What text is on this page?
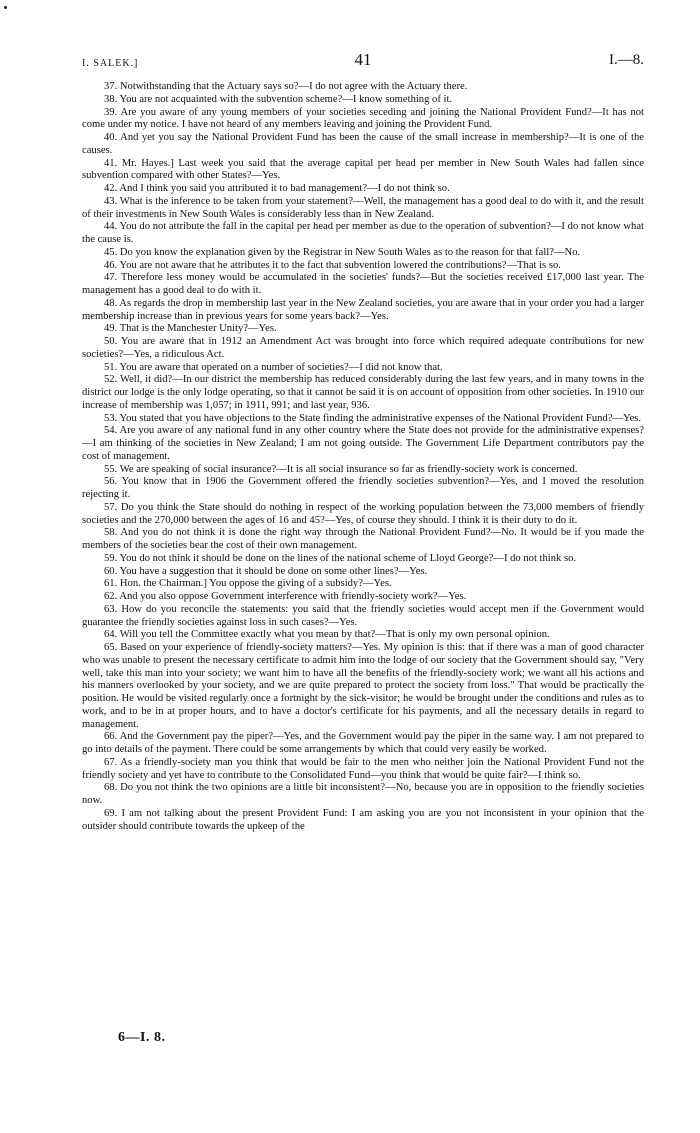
I. SALEK.]	41	I.—8.

37. Notwithstanding that the Actuary says so?—I do not agree with the Actuary there.

38. You are not acquainted with the subvention scheme?—I know something of it.

39. Are you aware of any young members of your societies seceding and joining the National Provident Fund?—It has not come under my notice. I have not heard of any members leaving and joining the Provident Fund.

40. And yet you say the National Provident Fund has been the cause of the small increase in membership?—It is one of the causes.

41. Mr. Hayes.] Last week you said that the average capital per head per member in New South Wales had fallen since subvention compared with other States?—Yes.

42. And I think you said you attributed it to bad management?—I do not think so.

43. What is the inference to be taken from your statement?—Well, the management has a good deal to do with it, and the result of their investments in New South Wales is considerably less than in New Zealand.

44. You do not attribute the fall in the capital per head per member as due to the operation of subvention?—I do not know what the cause is.

45. Do you know the explanation given by the Registrar in New South Wales as to the reason for that fall?—No.

46. You are not aware that he attributes it to the fact that subvention lowered the contributions?—That is so.

47. Therefore less money would be accumulated in the societies' funds?—But the societies received £17,000 last year. The management has a good deal to do with it.

48. As regards the drop in membership last year in the New Zealand societies, you are aware that in your order you had a larger membership increase than in previous years for some years back?—Yes.

49. That is the Manchester Unity?—Yes.

50. You are aware that in 1912 an Amendment Act was brought into force which required adequate contributions for new societies?—Yes, a ridiculous Act.

51. You are aware that operated on a number of societies?—I did not know that.

52. Well, it did?—In our district the membership has reduced considerably during the last few years, and in many towns in the district our lodge is the only lodge operating, so that it cannot be said it is on account of opposition from other societies. In 1910 our increase of membership was 1,057; in 1911, 991; and last year, 936.

53. You stated that you have objections to the State finding the administrative expenses of the National Provident Fund?—Yes.

54. Are you aware of any national fund in any other country where the State does not provide for the administrative expenses?—I am thinking of the societies in New Zealand; I am not going outside. The Government Life Department contributors pay the cost of management.

55. We are speaking of social insurance?—It is all social insurance so far as friendly-society work is concerned.

56. You know that in 1906 the Government offered the friendly societies subvention?—Yes, and I moved the resolution rejecting it.

57. Do you think the State should do nothing in respect of the working population between the 73,000 members of friendly societies and the 270,000 between the ages of 16 and 45?—Yes, of course they should. I think it is their duty to do it.

58. And you do not think it is done the right way through the National Provident Fund?—No. It would be if you made the members of the societies bear the cost of their own management.

59. You do not think it should be done on the lines of the national scheme of Lloyd George?—I do not think so.

60. You have a suggestion that it should be done on some other lines?—Yes.

61. Hon. the Chairman.] You oppose the giving of a subsidy?—Yes.

62. And you also oppose Government interference with friendly-society work?—Yes.

63. How do you reconcile the statements: you said that the friendly societies would accept men if the Government would guarantee the friendly societies against loss in such cases?—Yes.

64. Will you tell the Committee exactly what you mean by that?—That is only my own personal opinion.

65. Based on your experience of friendly-society matters?—Yes. My opinion is this: that if there was a man of good character who was unable to present the necessary certificate to admit him into the lodge of our society that the Government should say, "Very well, take this man into your society; we want him to have all the benefits of the friendly-society work; we want all his actions and his manners overlooked by your society, and we are quite prepared to protect the society from loss." That would be practically the position. He would be visited regularly once a fortnight by the sick-visitor; he would be brought under the conditions and rules as to work, and to be in at proper hours, and to have a doctor's certificate for his payments, and all the necessary details in regard to management.

66. And the Government pay the piper?—Yes, and the Government would pay the piper in the same way. I am not prepared to go into details of the payment. There could be some arrangements by which that could very easily be worked.

67. As a friendly-society man you think that would be fair to the men who neither join the National Provident Fund not the friendly society and yet have to contribute to the Consolidated Fund—you think that would be quite fair?—I think so.

68. Do you not think the two opinions are a little bit inconsistent?—No, because you are in opposition to the friendly societies now.

69. I am not talking about the present Provident Fund: I am asking you are you not inconsistent in your opinion that the outsider should contribute towards the upkeep of the

6—I. 8.
